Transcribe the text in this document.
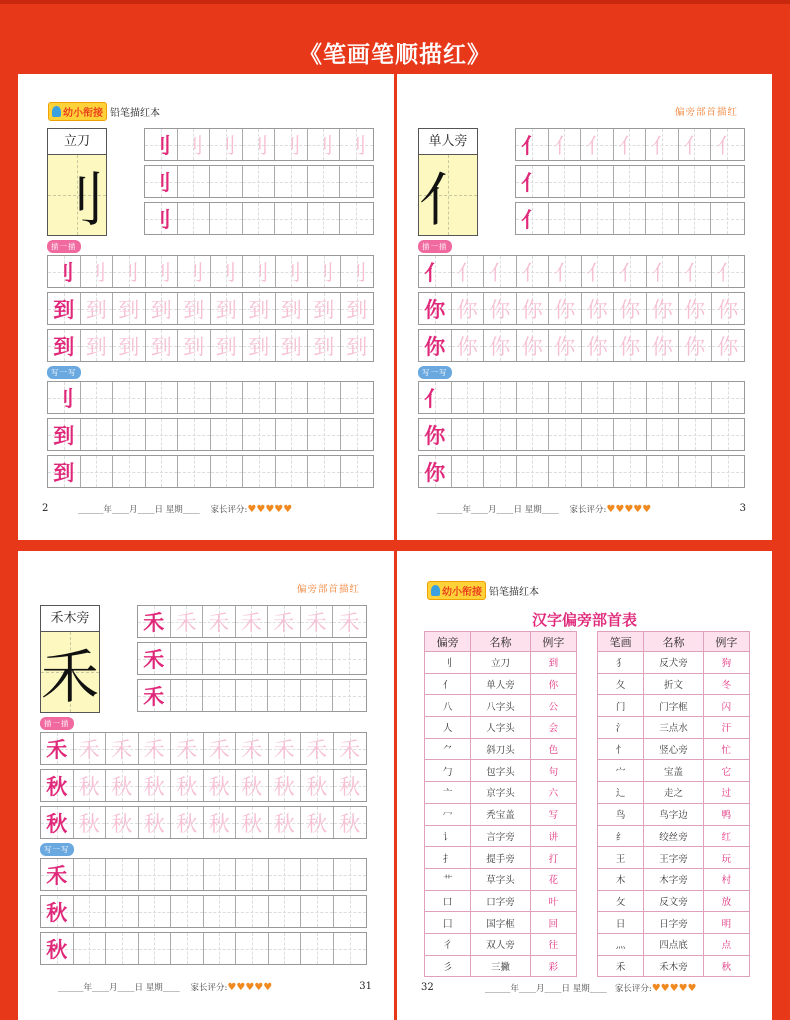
《笔画笔顺描红》
幼小衔接 铅笔描红本
立刀
刂
刂 刂 刂 刂 刂 刂 刂
刂
刂
描一描
刂 刂 刂 刂 刂 刂 刂 刂 刂 刂
到 到 到 到 到 到 到 到 到 到
到 到 到 到 到 到 到 到 到 到
写一写
刂
到
到
______年____月____日 星期____ 家长评分:♥♥♥♥♥
2
偏旁部首描红
单人旁
亻
亻 亻 亻 亻 亻 亻 亻
亻
亻
描一描
亻 亻 亻 亻 亻 亻 亻 亻 亻 亻
你 你 你 你 你 你 你 你 你 你
你 你 你 你 你 你 你 你 你 你
写一写
亻
你
你
______年____月____日 星期____ 家长评分:♥♥♥♥♥	3
偏旁部首描红
禾木旁
禾
禾 禾 禾 禾 禾 禾 禾
禾
禾
描一描
禾 禾 禾 禾 禾 禾 禾 禾 禾 禾
秋 秋 秋 秋 秋 秋 秋 秋 秋 秋
秋 秋 秋 秋 秋 秋 秋 秋 秋 秋
写一写
禾
秋
秋
______年____月____日 星期____ 家长评分:♥♥♥♥♥	31
幼小衔接 铅笔描红本
汉字偏旁部首表
偏旁	名称	例字
刂	立刀	到
亻	单人旁	你
八	八字头	公
人	人字头	会
⺈	斜刀头	色
勹	包字头	句
亠	京字头	六
冖	秃宝盖	写
讠	言字旁	讲
扌	提手旁	打
艹	草字头	花
口	口字旁	叶
囗	国字框	回
彳	双人旁	往
彡	三撇	彩
笔画	名称	例字
犭	反犬旁	狗
夂	折文	冬
门	门字框	闪
氵	三点水	汗
忄	竖心旁	忙
宀	宝盖	它
辶	走之	过
鸟	鸟字边	鸭
纟	绞丝旁	红
王	王字旁	玩
木	木字旁	村
攵	反文旁	放
日	日字旁	明
灬	四点底	点
禾	禾木旁	秋
______年____月____日 星期____ 家长评分:♥♥♥♥♥
32
